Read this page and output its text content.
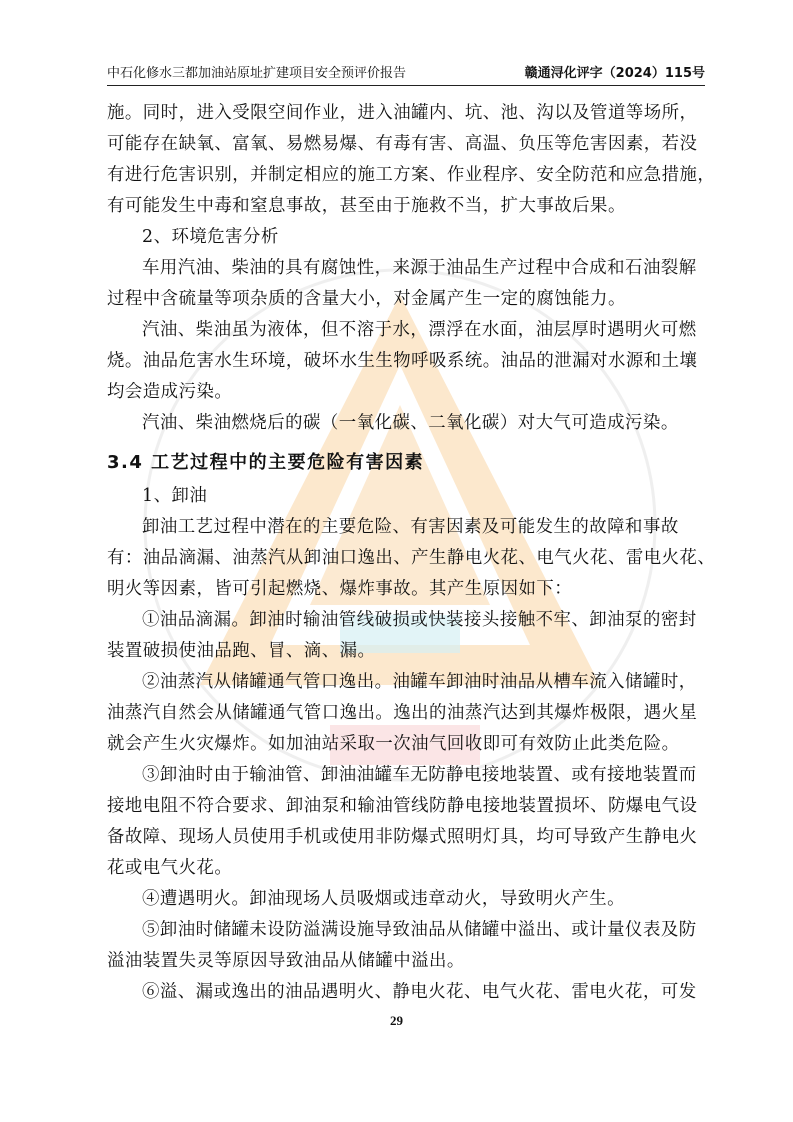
中石化修水三都加油站原址扩建项目安全预评价报告	赣通浔化评字（2024）115号

施。同时，进入受限空间作业，进入油罐内、坑、池、沟以及管道等场所，

可能存在缺氧、富氧、易燃易爆、有毒有害、高温、负压等危害因素，若没

有进行危害识别，并制定相应的施工方案、作业程序、安全防范和应急措施，

有可能发生中毒和窒息事故，甚至由于施救不当，扩大事故后果。

2、环境危害分析

车用汽油、柴油的具有腐蚀性，来源于油品生产过程中合成和石油裂解

过程中含硫量等项杂质的含量大小，对金属产生一定的腐蚀能力。

汽油、柴油虽为液体，但不溶于水，漂浮在水面，油层厚时遇明火可燃

烧。油品危害水生环境，破坏水生生物呼吸系统。油品的泄漏对水源和土壤

均会造成污染。

汽油、柴油燃烧后的碳（一氧化碳、二氧化碳）对大气可造成污染。

3.4 工艺过程中的主要危险有害因素

1、卸油

卸油工艺过程中潜在的主要危险、有害因素及可能发生的故障和事故

有：油品滴漏、油蒸汽从卸油口逸出、产生静电火花、电气火花、雷电火花、

明火等因素，皆可引起燃烧、爆炸事故。其产生原因如下：

①油品滴漏。卸油时输油管线破损或快装接头接触不牢、卸油泵的密封

装置破损使油品跑、冒、滴、漏。

②油蒸汽从储罐通气管口逸出。油罐车卸油时油品从槽车流入储罐时，

油蒸汽自然会从储罐通气管口逸出。逸出的油蒸汽达到其爆炸极限，遇火星

就会产生火灾爆炸。如加油站采取一次油气回收即可有效防止此类危险。

③卸油时由于输油管、卸油油罐车无防静电接地装置、或有接地装置而

接地电阻不符合要求、卸油泵和输油管线防静电接地装置损坏、防爆电气设

备故障、现场人员使用手机或使用非防爆式照明灯具，均可导致产生静电火

花或电气火花。

④遭遇明火。卸油现场人员吸烟或违章动火，导致明火产生。

⑤卸油时储罐未设防溢满设施导致油品从储罐中溢出、或计量仪表及防

溢油装置失灵等原因导致油品从储罐中溢出。

⑥溢、漏或逸出的油品遇明火、静电火花、电气火花、雷电火花，可发

29
